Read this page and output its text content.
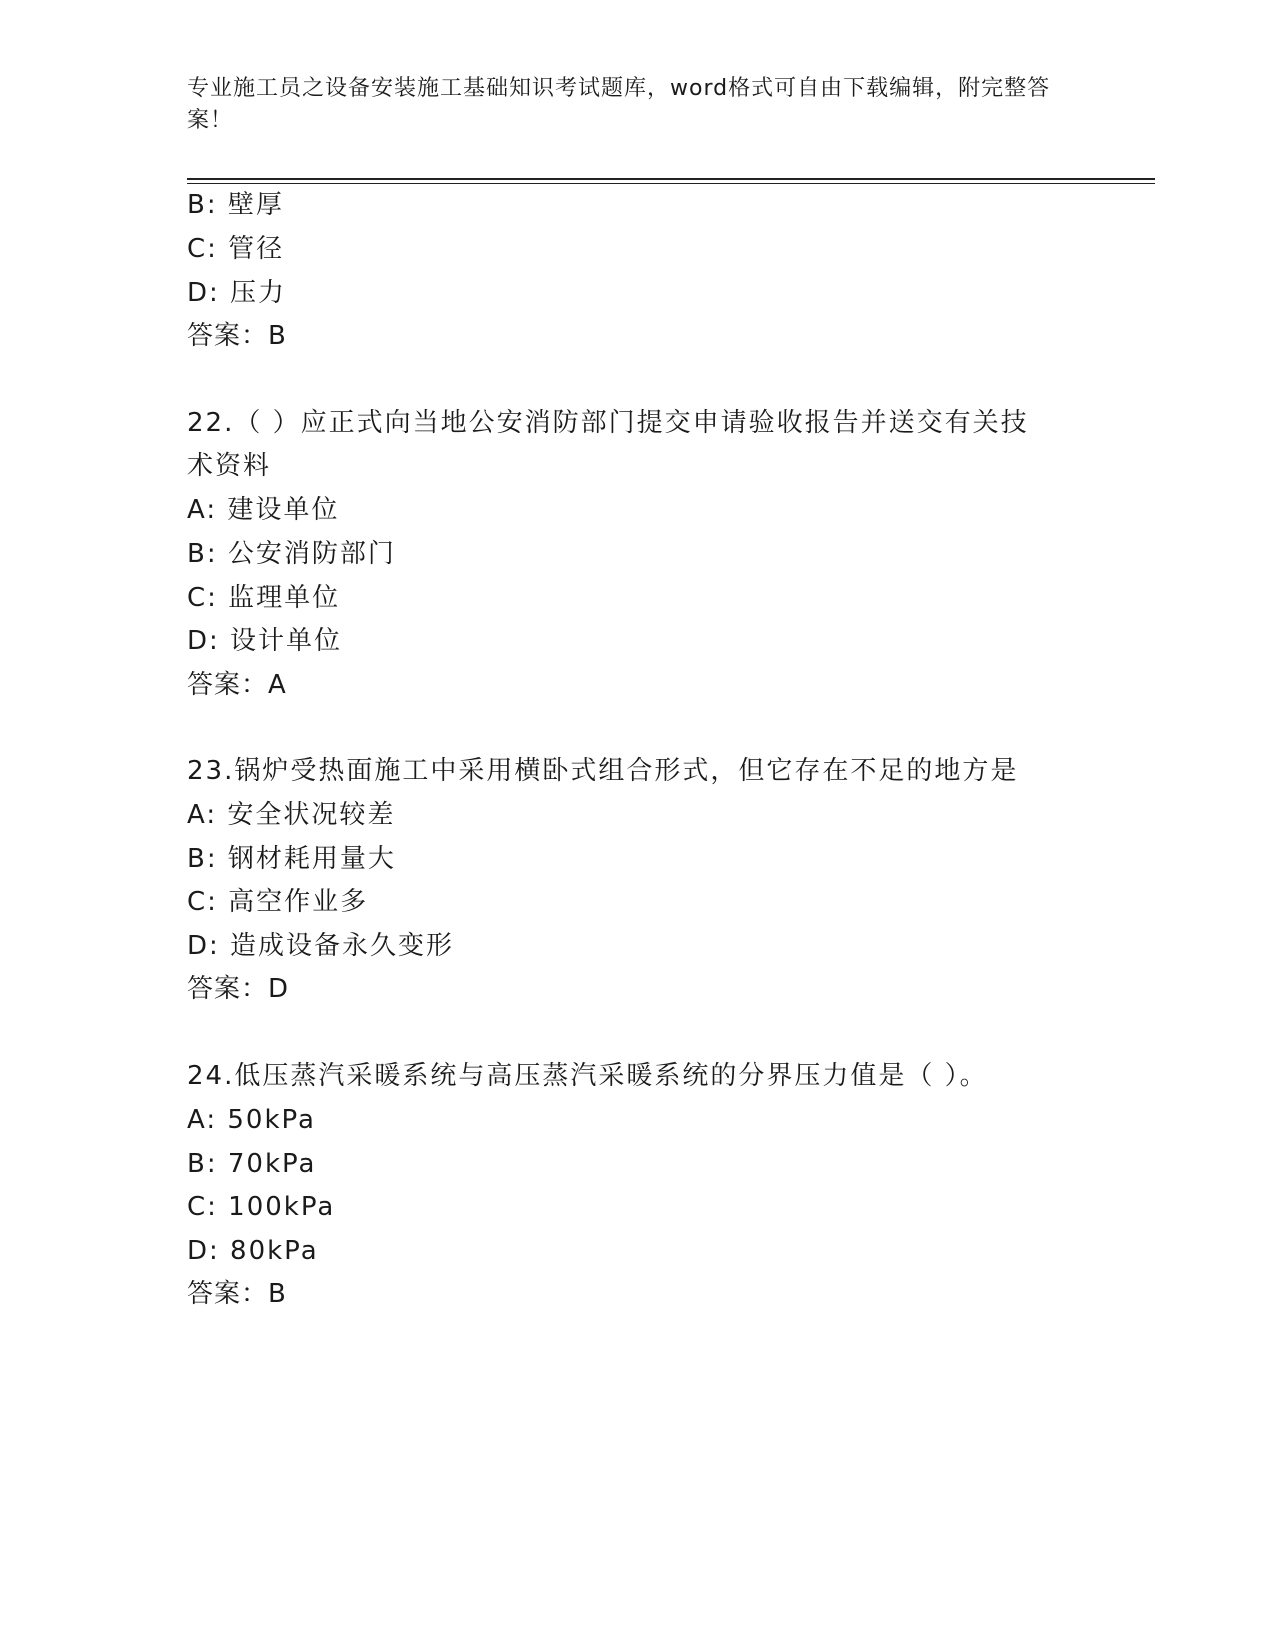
专业施工员之设备安装施工基础知识考试题库，word格式可自由下载编辑，附完整答案！
B: 壁厚
C: 管径
D: 压力
答案：B
22.（ ）应正式向当地公安消防部门提交申请验收报告并送交有关技
术资料
A: 建设单位
B: 公安消防部门
C: 监理单位
D: 设计单位
答案：A
23.锅炉受热面施工中采用横卧式组合形式，但它存在不足的地方是
A: 安全状况较差
B: 钢材耗用量大
C: 高空作业多
D: 造成设备永久变形
答案：D
24.低压蒸汽采暖系统与高压蒸汽采暖系统的分界压力值是（ ）。
A: 50kPa
B: 70kPa
C: 100kPa
D: 80kPa
答案：B
